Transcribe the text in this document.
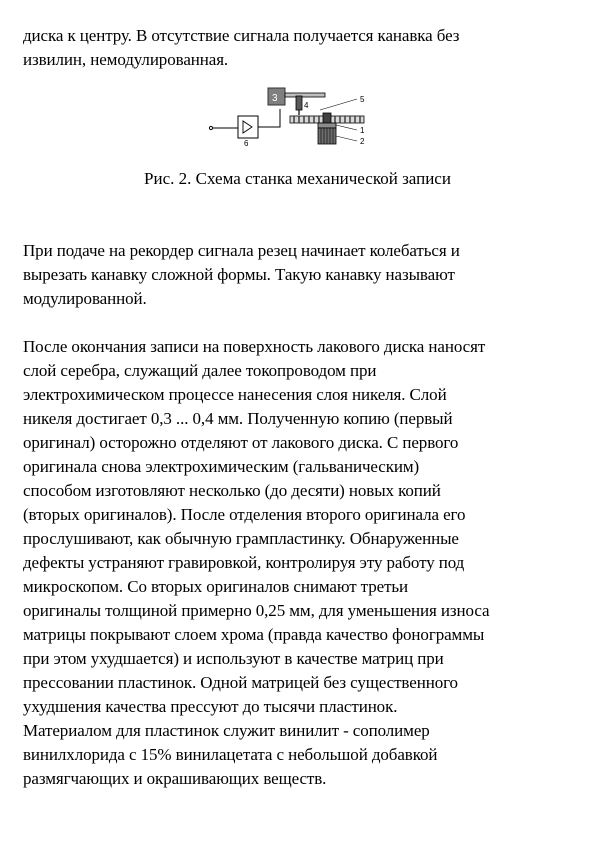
диска к центру. В отсутствие сигнала получается канавка без
извилин, немодулированная.
6
3
4
5
1
2
Рис. 2. Схема станка механической записи
При подаче на рекордер сигнала резец начинает колебаться и
вырезать канавку сложной формы. Такую канавку называют
модулированной.
После окончания записи на поверхность лакового диска наносят
слой серебра, служащий далее токопроводом при
электрохимическом процессе нанесения слоя никеля. Слой
никеля достигает 0,3 ... 0,4 мм. Полученную копию (первый
оригинал) осторожно отделяют от лакового диска. С первого
оригинала снова электрохимическим (гальваническим)
способом изготовляют несколько (до десяти) новых копий
(вторых оригиналов). После отделения второго оригинала его
прослушивают, как обычную грампластинку. Обнаруженные
дефекты устраняют гравировкой, контролируя эту работу под
микроскопом. Со вторых оригиналов снимают третьи
оригиналы толщиной примерно 0,25 мм, для уменьшения износа
матрицы покрывают слоем хрома (правда качество фонограммы
при этом ухудшается) и используют в качестве матриц при
прессовании пластинок. Одной матрицей без существенного
ухудшения качества прессуют до тысячи пластинок.
Материалом для пластинок служит винилит - сополимер
винилхлорида с 15% винилацетата с небольшой добавкой
размягчающих и окрашивающих веществ.
